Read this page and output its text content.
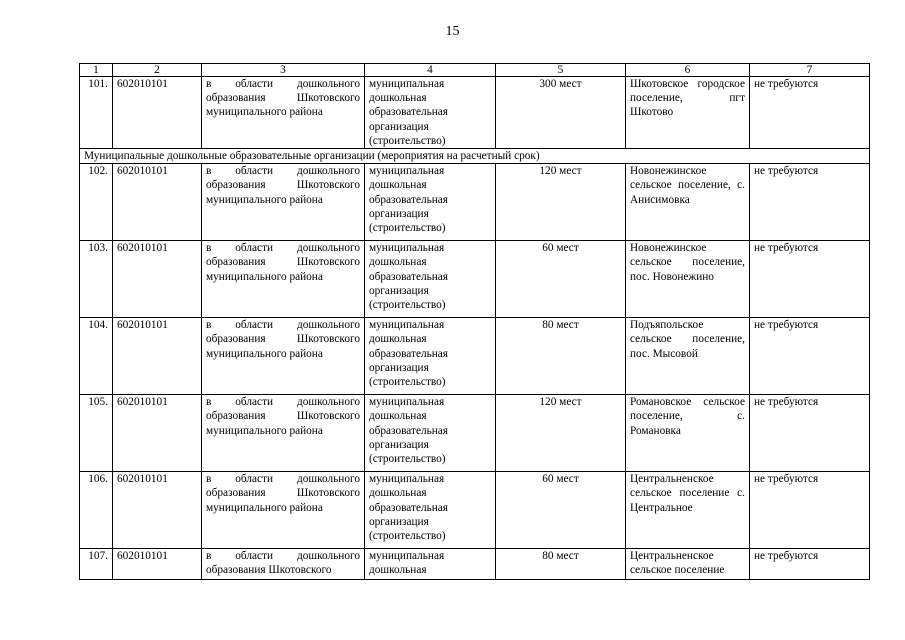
15
1	2	3	4	5	6	7
101.	602010101	в области дошкольного образования Шкотовского муниципального района	муниципальная дошкольная образовательная организация (строительство)	300 мест	Шкотовское городское поселение, пгт Шкотово	не требуются
Муниципальные дошкольные образовательные организации (мероприятия на расчетный срок)						
102.	602010101	в области дошкольного образования Шкотовского муниципального района	муниципальная дошкольная образовательная организация (строительство)	120 мест	Новонежинское сельское поселение, с. Анисимовка	не требуются
103.	602010101	в области дошкольного образования Шкотовского муниципального района	муниципальная дошкольная образовательная организация (строительство)	60 мест	Новонежинское сельское поселение, пос. Новонежино	не требуются
104.	602010101	в области дошкольного образования Шкотовского муниципального района	муниципальная дошкольная образовательная организация (строительство)	80 мест	Подъяпольское сельское поселение, пос. Мысовой	не требуются
105.	602010101	в области дошкольного образования Шкотовского муниципального района	муниципальная дошкольная образовательная организация (строительство)	120 мест	Романовское сельское поселение, с. Романовка	не требуются
106.	602010101	в области дошкольного образования Шкотовского муниципального района	муниципальная дошкольная образовательная организация (строительство)	60 мест	Центральненское сельское поселение с. Центральное	не требуются
107.	602010101	в области дошкольного образования Шкотовского	муниципальная дошкольная	80 мест	Центральненское сельское поселение	не требуются
